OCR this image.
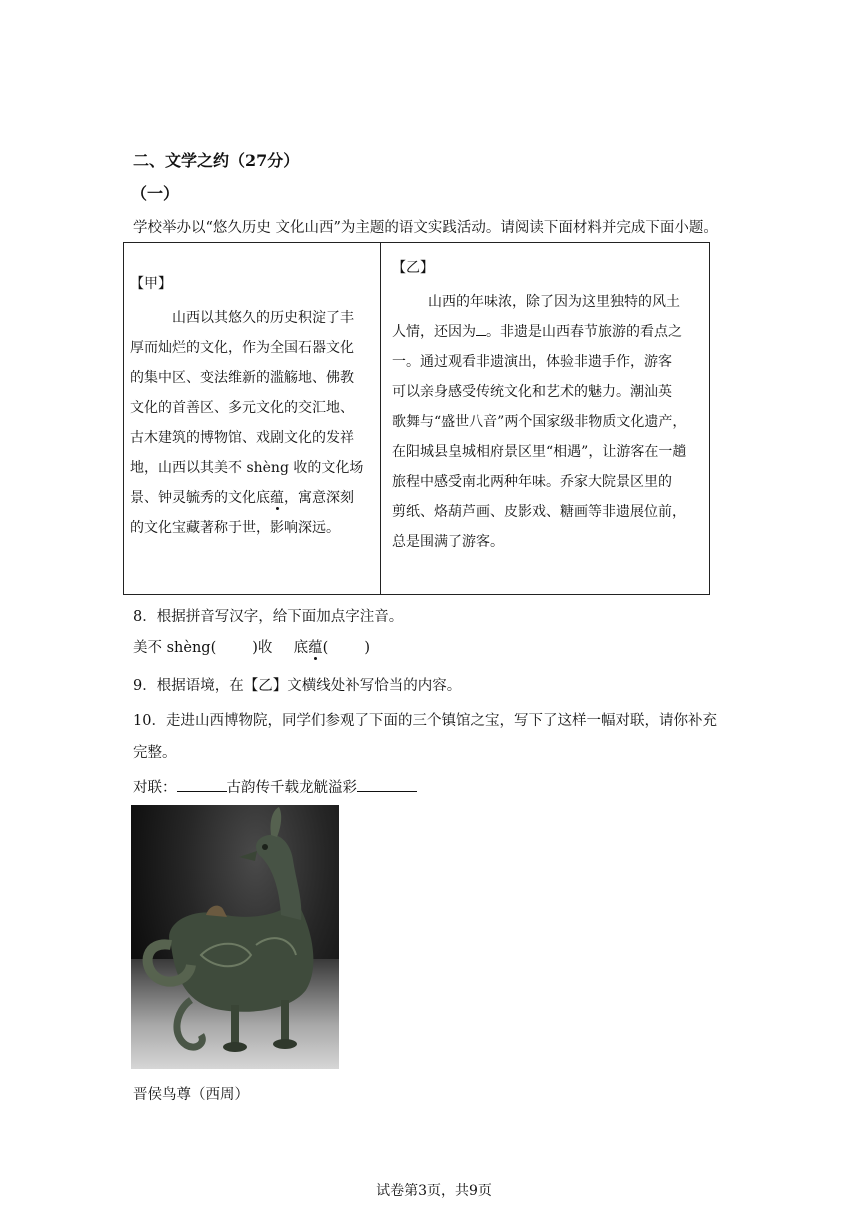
二、文学之约（27分）
（一）
学校举办以“悠久历史 文化山西”为主题的语文实践活动。请阅读下面材料并完成下面小题。
【甲】
山西以其悠久的历史积淀了丰
厚而灿烂的文化，作为全国石器文化
的集中区、变法维新的滥觞地、佛教
文化的首善区、多元文化的交汇地、
古木建筑的博物馆、戏剧文化的发祥
地，山西以其美不 shèng 收的文化场
景、钟灵毓秀的文化底蕴，寓意深刻
的文化宝藏著称于世，影响深远。
【乙】
山西的年味浓，除了因为这里独特的风土
人情，还因为 。非遗是山西春节旅游的看点之
一。通过观看非遗演出，体验非遗手作，游客
可以亲身感受传统文化和艺术的魅力。潮汕英
歌舞与“盛世八音”两个国家级非物质文化遗产，
在阳城县皇城相府景区里“相遇”，让游客在一趟
旅程中感受南北两种年味。乔家大院景区里的
剪纸、烙葫芦画、皮影戏、糖画等非遗展位前，
总是围满了游客。
8．根据拼音写汉字，给下面加点字注音。
美不 shèng( )收 底蕴( )
9．根据语境，在【乙】文横线处补写恰当的内容。
10．走进山西博物院，同学们参观了下面的三个镇馆之宝，写下了这样一幅对联，请你补充
完整。
对联：	古韵传千载龙觥溢彩
晋侯鸟尊（西周）
试卷第3页，共9页
